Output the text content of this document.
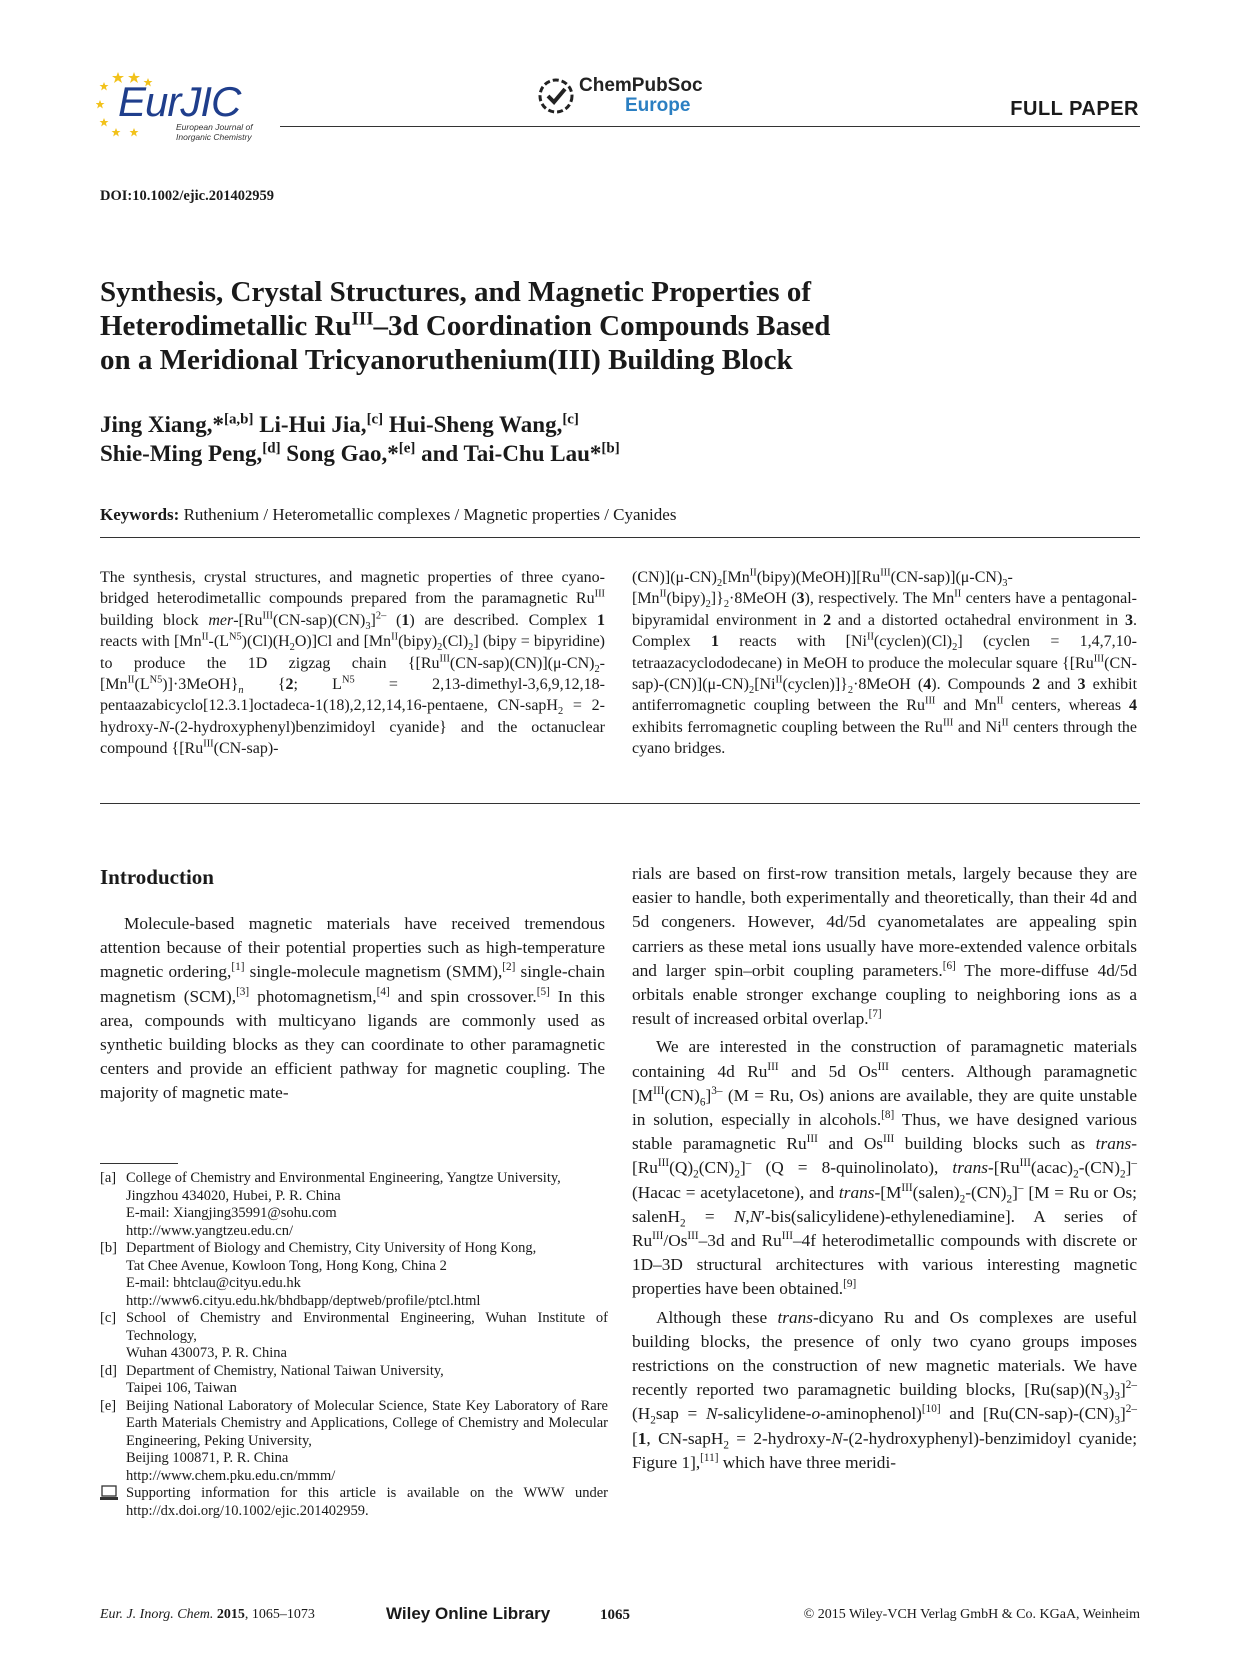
EurJIC
European Journal of Inorganic Chemistry
ChemPubSoc
Europe	FULL PAPER
DOI:10.1002/ejic.201402959
Synthesis, Crystal Structures, and Magnetic Properties of
Heterodimetallic $Ru^{III}-3d$ Coordination Compounds Based
on a Meridional Tricyanoruthenium(III) Building Block
Jing Xiang,*[a,b] Li-Hui Jia,[c] Hui-Sheng Wang,[c]
Shie-Ming Peng,[d] Song Gao,*[e] and Tai-Chu Lau*[b]
Keywords: Ruthenium / Heterometallic complexes / Magnetic properties / Cyanides
The synthesis, crystal structures, and magnetic properties of three cyano-bridged heterodimetallic compounds prepared from the paramagnetic $Ru^{III}$ building block mer-$[Ru^{III}(CN-sap)(CN)_3]^{2-}$ (1) are described. Complex 1 reacts with $[Mn^{II}-(L^{N5})(Cl)(H_2O)]Cl$ and $[Mn^{II}(bipy)_2(Cl)_2]$ (bipy = bipyridine) to produce the 1D zigzag chain $\{[Ru^{III}(CN-sap)(CN)](\mu-CN)_2-[Mn^{II}(L^{N5})]\cdot 3MeOH\}_n$ {2; $L^{N5}$ = 2,13-dimethyl-3,6,9,12,18-pentaazabicyclo[12.3.1]octadeca-1(18),2,12,14,16-pentaene, CN-sapH$_2$ = 2-hydroxy-N-(2-hydroxyphenyl)benzimidoyl cyanide} and the octanuclear compound {[$Ru^{III}(CN-sap)-$
$(CN)](\mu-CN)_2[Mn^{II}(bipy)(MeOH)][Ru^{III}(CN-sap)](\mu-CN)_3-[Mn^{II}(bipy)_2]\}_2\cdot 8MeOH$ (3), respectively. The $Mn^{II}$ centers have a pentagonal-bipyramidal environment in 2 and a distorted octahedral environment in 3. Complex 1 reacts with $[Ni^{II}(cyclen)(Cl)_2]$ (cyclen = 1,4,7,10-tetraazacyclododecane) in MeOH to produce the molecular square $\{[Ru^{III}(CN-sap)-(CN)](\mu-CN)_2[Ni^{II}(cyclen)]\}_2\cdot 8MeOH$ (4). Compounds 2 and 3 exhibit antiferromagnetic coupling between the $Ru^{III}$ and $Mn^{II}$ centers, whereas 4 exhibits ferromagnetic coupling between the $Ru^{III}$ and $Ni^{II}$ centers through the cyano bridges.
Introduction

Molecule-based magnetic materials have received tremendous attention because of their potential properties such as high-temperature magnetic ordering,[1] single-molecule magnetism (SMM),[2] single-chain magnetism (SCM),[3] photomagnetism,[4] and spin crossover.[5] In this area, compounds with multicyano ligands are commonly used as synthetic building blocks as they can coordinate to other paramagnetic centers and provide an efficient pathway for magnetic coupling. The majority of magnetic mate-

rials are based on first-row transition metals, largely because they are easier to handle, both experimentally and theoretically, than their 4d and 5d congeners. However, 4d/5d cyanometalates are appealing spin carriers as these metal ions usually have more-extended valence orbitals and larger spin–orbit coupling parameters.[6] The more-diffuse 4d/5d orbitals enable stronger exchange coupling to neighboring ions as a result of increased orbital overlap.[7]

We are interested in the construction of paramagnetic materials containing 4d $Ru^{III}$ and 5d $Os^{III}$ centers. Although paramagnetic $[M^{III}(CN)_6]^{3-}$ (M = Ru, Os) anions are available, they are quite unstable in solution, especially in alcohols.[8] Thus, we have designed various stable paramagnetic $Ru^{III}$ and $Os^{III}$ building blocks such as trans-$[Ru^{III}(Q)_2(CN)_2]^-$ (Q = 8-quinolinolato), trans-$[Ru^{III}(acac)_2-(CN)_2]^-$ (Hacac = acetylacetone), and trans-$[M^{III}(salen)_2-(CN)_2]^-$ [M = Ru or Os; salenH$_2$ = N,N′-bis(salicylidene)-ethylenediamine]. A series of $Ru^{III}/Os^{III}-3d$ and $Ru^{III}-4f$ heterodimetallic compounds with discrete or 1D–3D structural architectures with various interesting magnetic properties have been obtained.[9]

Although these trans-dicyano Ru and Os complexes are useful building blocks, the presence of only two cyano groups imposes restrictions on the construction of new magnetic materials. We have recently reported two paramagnetic building blocks, $[Ru(sap)(N_3)_3]^{2-}$ ($H_2sap$ = N-salicylidene-o-aminophenol)[10] and $[Ru(CN-sap)-(CN)_3]^{2-}$ [1, CN-sapH$_2$ = 2-hydroxy-N-(2-hydroxyphenyl)-benzimidoyl cyanide; Figure 1],[11] which have three meridi-

[a] College of Chemistry and Environmental Engineering, Yangtze University,
Jingzhou 434020, Hubei, P. R. China
E-mail: Xiangjing35991@sohu.com
http://www.yangtzeu.edu.cn/
[b] Department of Biology and Chemistry, City University of Hong Kong,
Tat Chee Avenue, Kowloon Tong, Hong Kong, China 2
E-mail: bhtclau@cityu.edu.hk
http://www6.cityu.edu.hk/bhdbapp/deptweb/profile/ptcl.html
[c] School of Chemistry and Environmental Engineering, Wuhan Institute of Technology,
Wuhan 430073, P. R. China
[d] Department of Chemistry, National Taiwan University,
Taipei 106, Taiwan
[e] Beijing National Laboratory of Molecular Science, State Key Laboratory of Rare Earth Materials Chemistry and Applications, College of Chemistry and Molecular Engineering, Peking University,
Beijing 100871, P. R. China
http://www.chem.pku.edu.cn/mmm/
Supporting information for this article is available on the WWW under http://dx.doi.org/10.1002/ejic.201402959.
Eur. J. Inorg. Chem. 2015, 1065–1073	Wiley Online Library	1065	© 2015 Wiley-VCH Verlag GmbH & Co. KGaA, Weinheim
